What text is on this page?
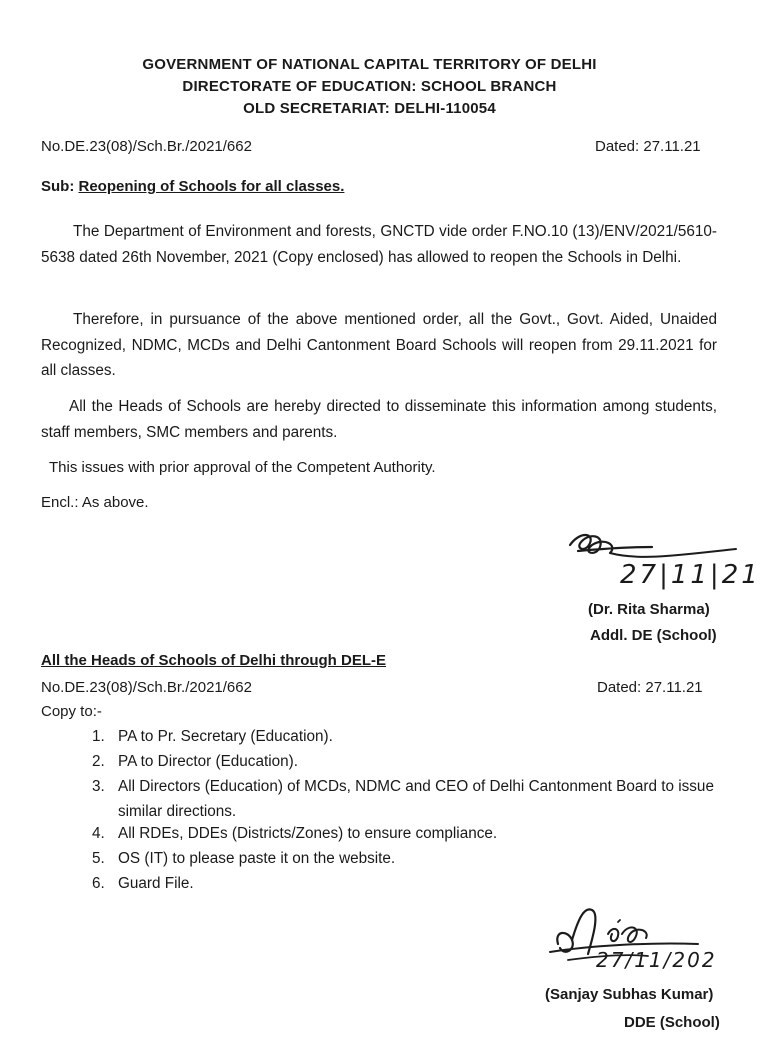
GOVERNMENT OF NATIONAL CAPITAL TERRITORY OF DELHI
DIRECTORATE OF EDUCATION: SCHOOL BRANCH
OLD SECRETARIAT: DELHI-110054
No.DE.23(08)/Sch.Br./2021/662	Dated: 27.11.21
Sub: Reopening of Schools for all classes.
The Department of Environment and forests, GNCTD vide order F.NO.10 (13)/ENV/2021/5610-5638 dated 26th November, 2021 (Copy enclosed) has allowed to reopen the Schools in Delhi.
Therefore, in pursuance of the above mentioned order, all the Govt., Govt. Aided, Unaided Recognized, NDMC, MCDs and Delhi Cantonment Board Schools will reopen from 29.11.2021 for all classes.
All the Heads of Schools are hereby directed to disseminate this information among students, staff members, SMC members and parents.
This issues with prior approval of the Competent Authority.
Encl.: As above.
27|11|21
(Dr. Rita Sharma)
Addl. DE (School)
All the Heads of Schools of Delhi through DEL-E
No.DE.23(08)/Sch.Br./2021/662	Dated: 27.11.21
Copy to:-
1. PA to Pr. Secretary (Education).
2. PA to Director (Education).
3. All Directors (Education) of MCDs, NDMC and CEO of Delhi Cantonment Board to issue similar directions.
4. All RDEs, DDEs (Districts/Zones) to ensure compliance.
5. OS (IT) to please paste it on the website.
6. Guard File.
27/11/202
(Sanjay Subhas Kumar)
DDE (School)
